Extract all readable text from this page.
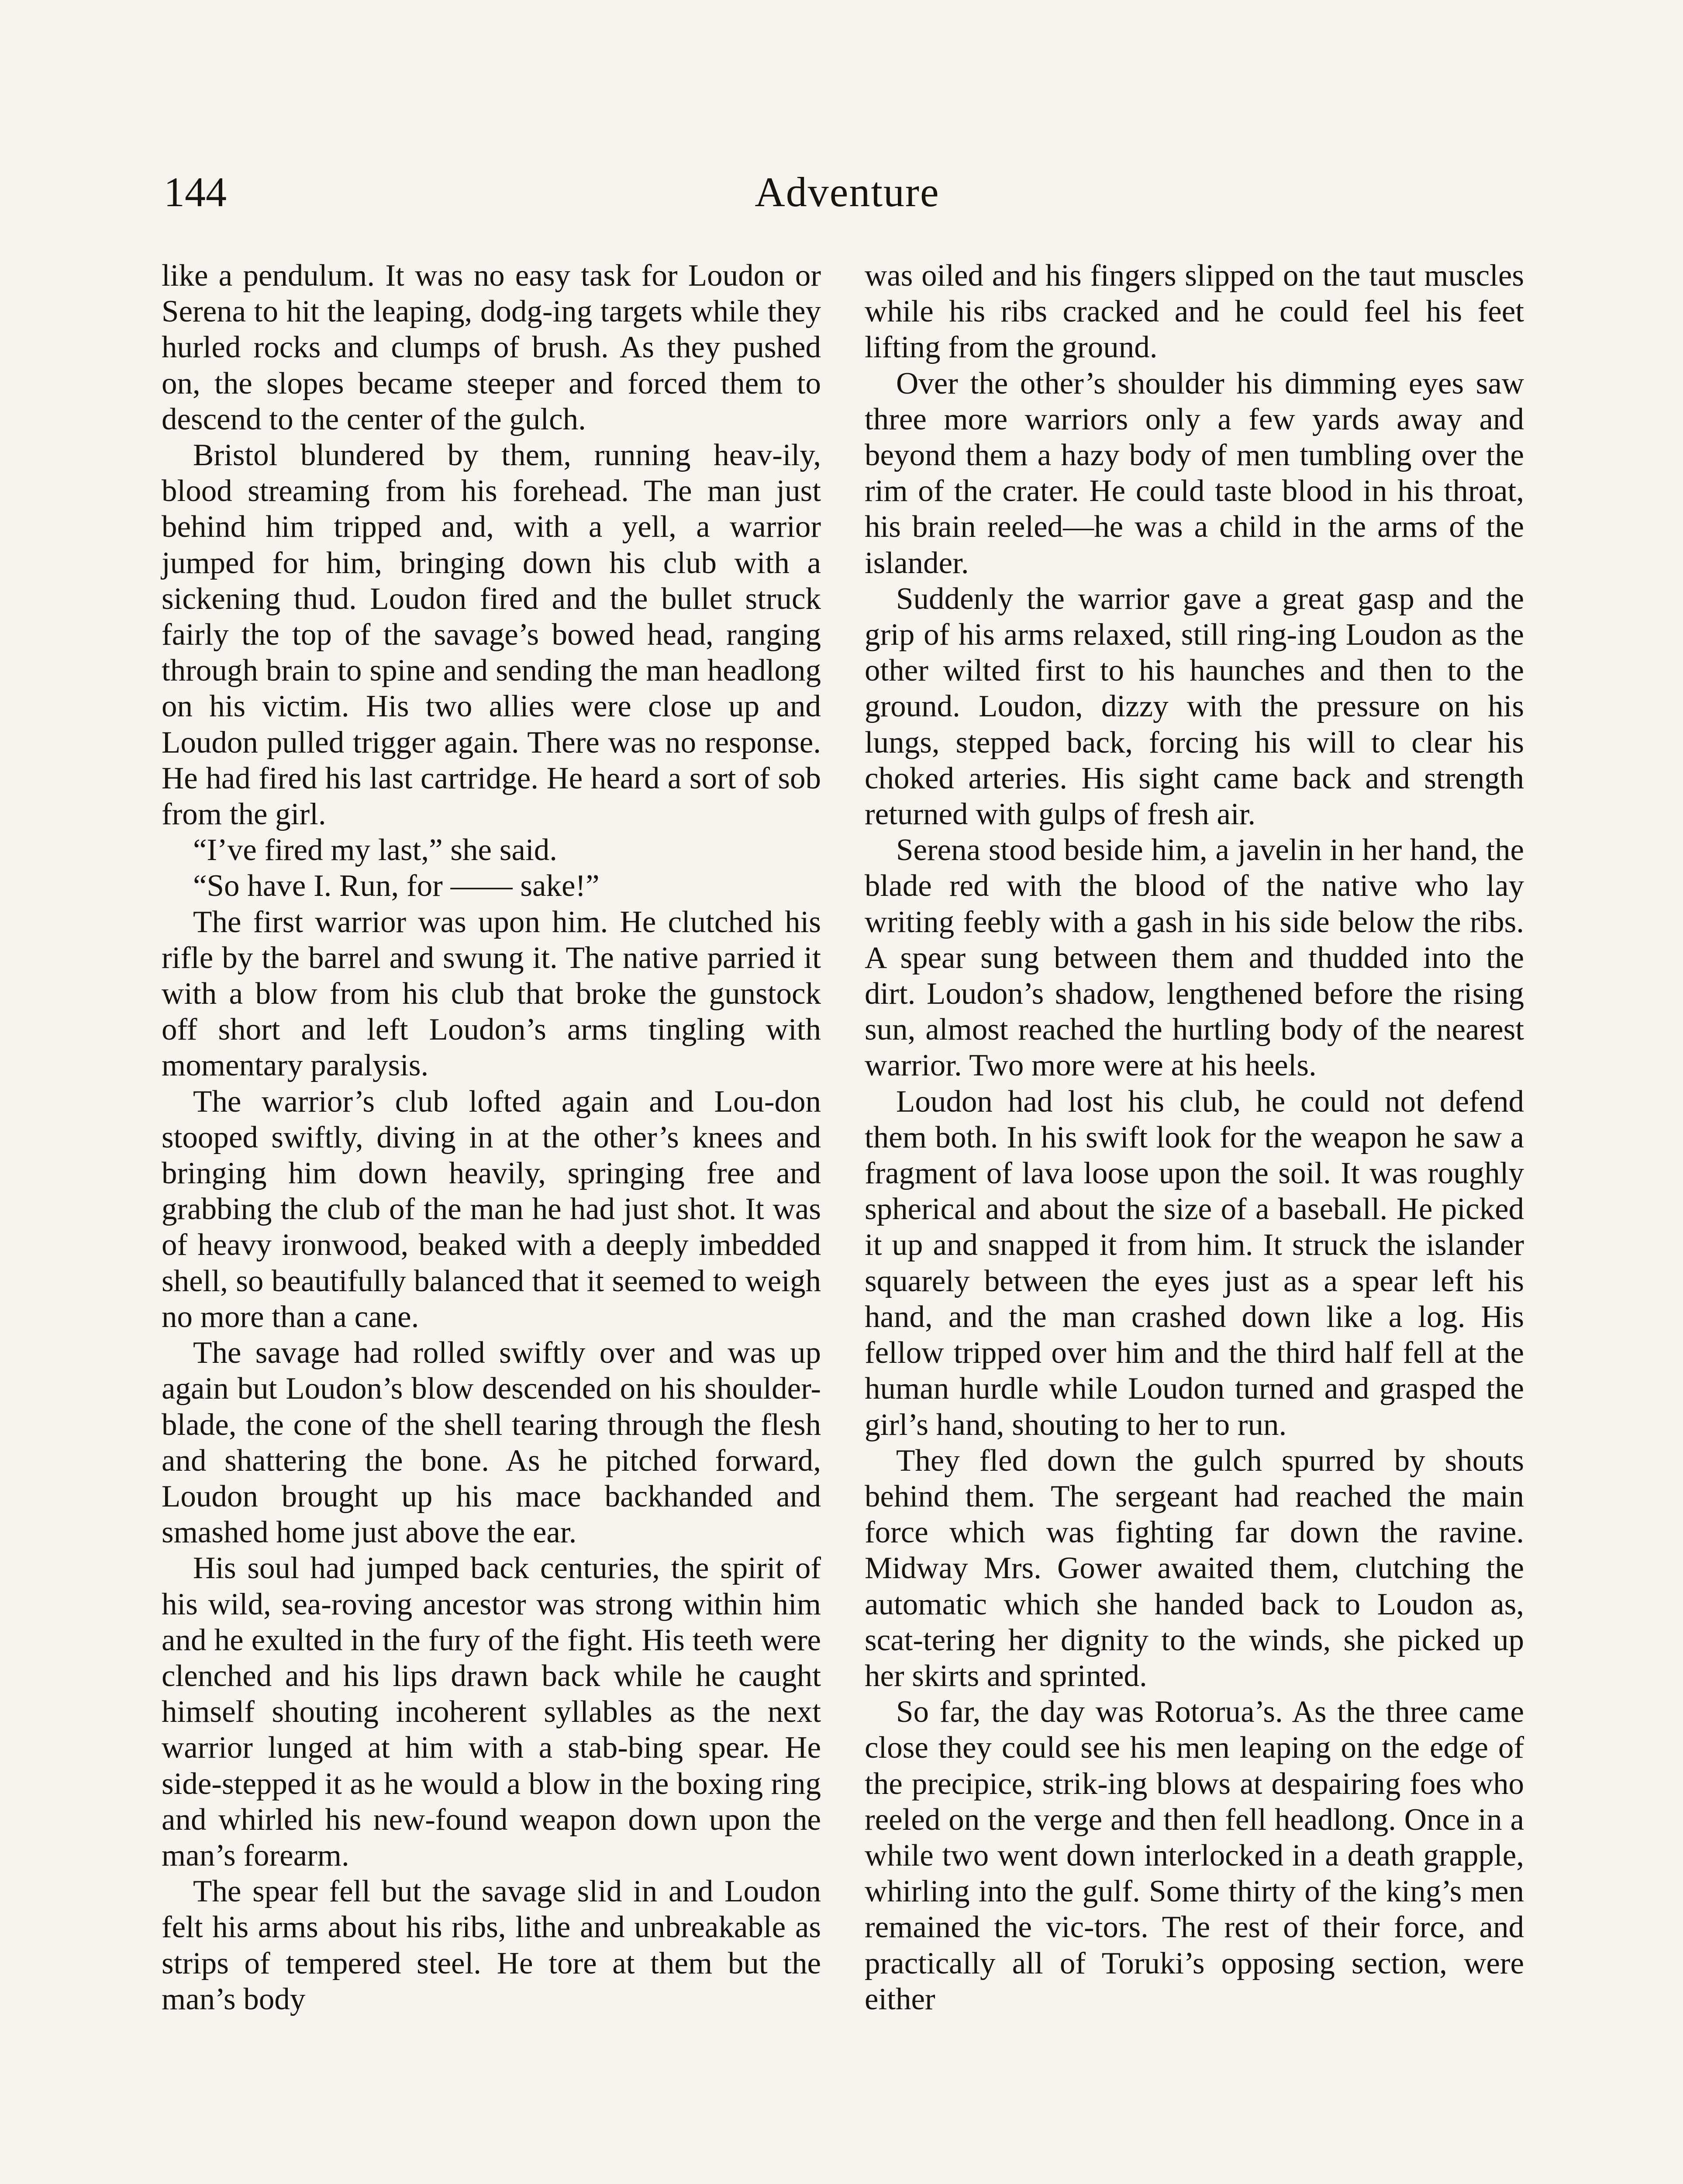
144	Adventure

like a pendulum. It was no easy task for Loudon or Serena to hit the leaping, dodg-ing targets while they hurled rocks and clumps of brush. As they pushed on, the slopes became steeper and forced them to descend to the center of the gulch.

Bristol blundered by them, running heav-ily, blood streaming from his forehead. The man just behind him tripped and, with a yell, a warrior jumped for him, bringing down his club with a sickening thud. Loudon fired and the bullet struck fairly the top of the savage’s bowed head, ranging through brain to spine and sending the man headlong on his victim. His two allies were close up and Loudon pulled trigger again. There was no response. He had fired his last cartridge. He heard a sort of sob from the girl.

“I’ve fired my last,” she said.

“So have I. Run, for —— sake!”

The first warrior was upon him. He clutched his rifle by the barrel and swung it. The native parried it with a blow from his club that broke the gunstock off short and left Loudon’s arms tingling with momentary paralysis.

The warrior’s club lofted again and Lou-don stooped swiftly, diving in at the other’s knees and bringing him down heavily, springing free and grabbing the club of the man he had just shot. It was of heavy ironwood, beaked with a deeply imbedded shell, so beautifully balanced that it seemed to weigh no more than a cane.

The savage had rolled swiftly over and was up again but Loudon’s blow descended on his shoulder-blade, the cone of the shell tearing through the flesh and shattering the bone. As he pitched forward, Loudon brought up his mace backhanded and smashed home just above the ear.

His soul had jumped back centuries, the spirit of his wild, sea-roving ancestor was strong within him and he exulted in the fury of the fight. His teeth were clenched and his lips drawn back while he caught himself shouting incoherent syllables as the next warrior lunged at him with a stab-bing spear. He side-stepped it as he would a blow in the boxing ring and whirled his new-found weapon down upon the man’s forearm.

The spear fell but the savage slid in and Loudon felt his arms about his ribs, lithe and unbreakable as strips of tempered steel. He tore at them but the man’s body

was oiled and his fingers slipped on the taut muscles while his ribs cracked and he could feel his feet lifting from the ground.

Over the other’s shoulder his dimming eyes saw three more warriors only a few yards away and beyond them a hazy body of men tumbling over the rim of the crater. He could taste blood in his throat, his brain reeled—he was a child in the arms of the islander.

Suddenly the warrior gave a great gasp and the grip of his arms relaxed, still ring-ing Loudon as the other wilted first to his haunches and then to the ground. Loudon, dizzy with the pressure on his lungs, stepped back, forcing his will to clear his choked arteries. His sight came back and strength returned with gulps of fresh air.

Serena stood beside him, a javelin in her hand, the blade red with the blood of the native who lay writing feebly with a gash in his side below the ribs. A spear sung between them and thudded into the dirt. Loudon’s shadow, lengthened before the rising sun, almost reached the hurtling body of the nearest warrior. Two more were at his heels.

Loudon had lost his club, he could not defend them both. In his swift look for the weapon he saw a fragment of lava loose upon the soil. It was roughly spherical and about the size of a baseball. He picked it up and snapped it from him. It struck the islander squarely between the eyes just as a spear left his hand, and the man crashed down like a log. His fellow tripped over him and the third half fell at the human hurdle while Loudon turned and grasped the girl’s hand, shouting to her to run.

They fled down the gulch spurred by shouts behind them. The sergeant had reached the main force which was fighting far down the ravine. Midway Mrs. Gower awaited them, clutching the automatic which she handed back to Loudon as, scat-tering her dignity to the winds, she picked up her skirts and sprinted.

So far, the day was Rotorua’s. As the three came close they could see his men leaping on the edge of the precipice, strik-ing blows at despairing foes who reeled on the verge and then fell headlong. Once in a while two went down interlocked in a death grapple, whirling into the gulf. Some thirty of the king’s men remained the vic-tors. The rest of their force, and practically all of Toruki’s opposing section, were either
